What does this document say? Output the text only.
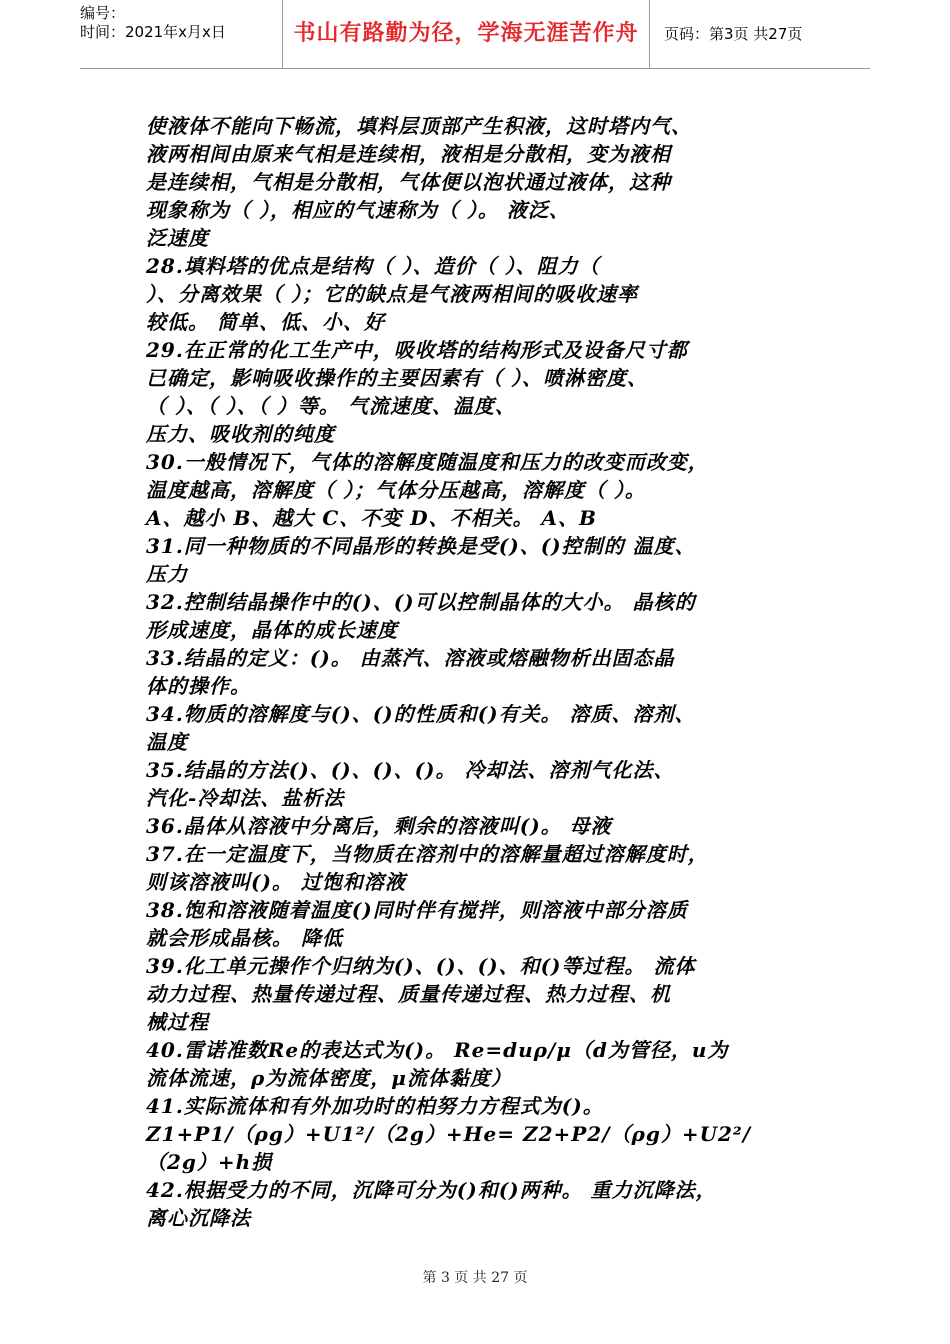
编号：
时间：2021年x月x日	书山有路勤为径，学海无涯苦作舟	页码：第3页 共27页

使液体不能向下畅流，填料层顶部产生积液，这时塔内气、

液两相间由原来气相是连续相，液相是分散相，变为液相

是连续相，气相是分散相，气体便以泡状通过液体，这种

现象称为（ ），相应的气速称为（ ）。 液泛、

泛速度

28.填料塔的优点是结构（ ）、造价（ ）、阻力（

）、分离效果（ ）；它的缺点是气液两相间的吸收速率

较低。 简单、低、小、好

29.在正常的化工生产中，吸收塔的结构形式及设备尺寸都

已确定，影响吸收操作的主要因素有（ ）、喷淋密度、

（ ）、（ ）、（ ）等。 气流速度、温度、

压力、吸收剂的纯度

30.一般情况下，气体的溶解度随温度和压力的改变而改变，

温度越高，溶解度（ ）；气体分压越高，溶解度（ ）。

A、越小 B、越大 C、不变 D、不相关。 A、B

31.同一种物质的不同晶形的转换是受()、()控制的 温度、

压力

32.控制结晶操作中的()、()可以控制晶体的大小。 晶核的

形成速度，晶体的成长速度

33.结晶的定义：()。 由蒸汽、溶液或熔融物析出固态晶

体的操作。

34.物质的溶解度与()、()的性质和()有关。 溶质、溶剂、

温度

35.结晶的方法()、()、()、()。 冷却法、溶剂气化法、

汽化-冷却法、盐析法

36.晶体从溶液中分离后，剩余的溶液叫()。 母液

37.在一定温度下，当物质在溶剂中的溶解量超过溶解度时，

则该溶液叫()。 过饱和溶液

38.饱和溶液随着温度()同时伴有搅拌，则溶液中部分溶质

就会形成晶核。 降低

39.化工单元操作个归纳为()、()、()、和()等过程。 流体

动力过程、热量传递过程、质量传递过程、热力过程、机

械过程

40.雷诺准数Re的表达式为()。 Re=duρ/μ（d为管径，u为

流体流速，ρ为流体密度，μ流体黏度）

41.实际流体和有外加功时的柏努力方程式为()。

Z1+P1/（ρg）+U1²/（2g）+He= Z2+P2/（ρg）+U2²/（2g）+h损

42.根据受力的不同，沉降可分为()和()两种。 重力沉降法，

离心沉降法

第 3 页 共 27 页
